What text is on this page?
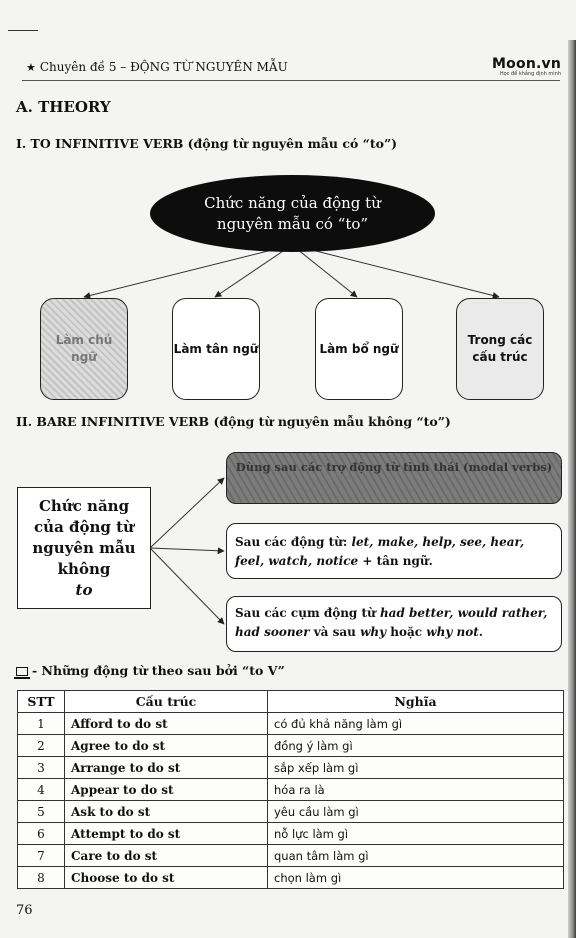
★ Chuyên đề 5 – ĐỘNG TỪ NGUYÊN MẪU	Moon.vn
Học để khẳng định mình
A. THEORY
I. TO INFINITIVE VERB (động từ nguyên mẫu có “to”)
Chức năng của động từ nguyên mẫu có “to”
Làm chủ ngữ
Làm tân ngữ	Làm bổ ngữ
Trong các cấu trúc
II. BARE INFINITIVE VERB (động từ nguyên mẫu không “to”)
Chức năng của động từ nguyên mẫu không
to
Dùng sau các trợ động từ tình thái (modal verbs)
Sau các động từ: let, make, help, see, hear, feel, watch, notice + tân ngữ.
Sau các cụm động từ had better, would rather, had sooner và sau why hoặc why not.
- Những động từ theo sau bởi “to V”
STT	Cấu trúc	Nghĩa
1	Afford to do st	có đủ khả năng làm gì
2	Agree to do st	đồng ý làm gì
3	Arrange to do st	sắp xếp làm gì
4	Appear to do st	hóa ra là
5	Ask to do st	yêu cầu làm gì
6	Attempt to do st	nỗ lực làm gì
7	Care to do st	quan tâm làm gì
8	Choose to do st	chọn làm gì
76
